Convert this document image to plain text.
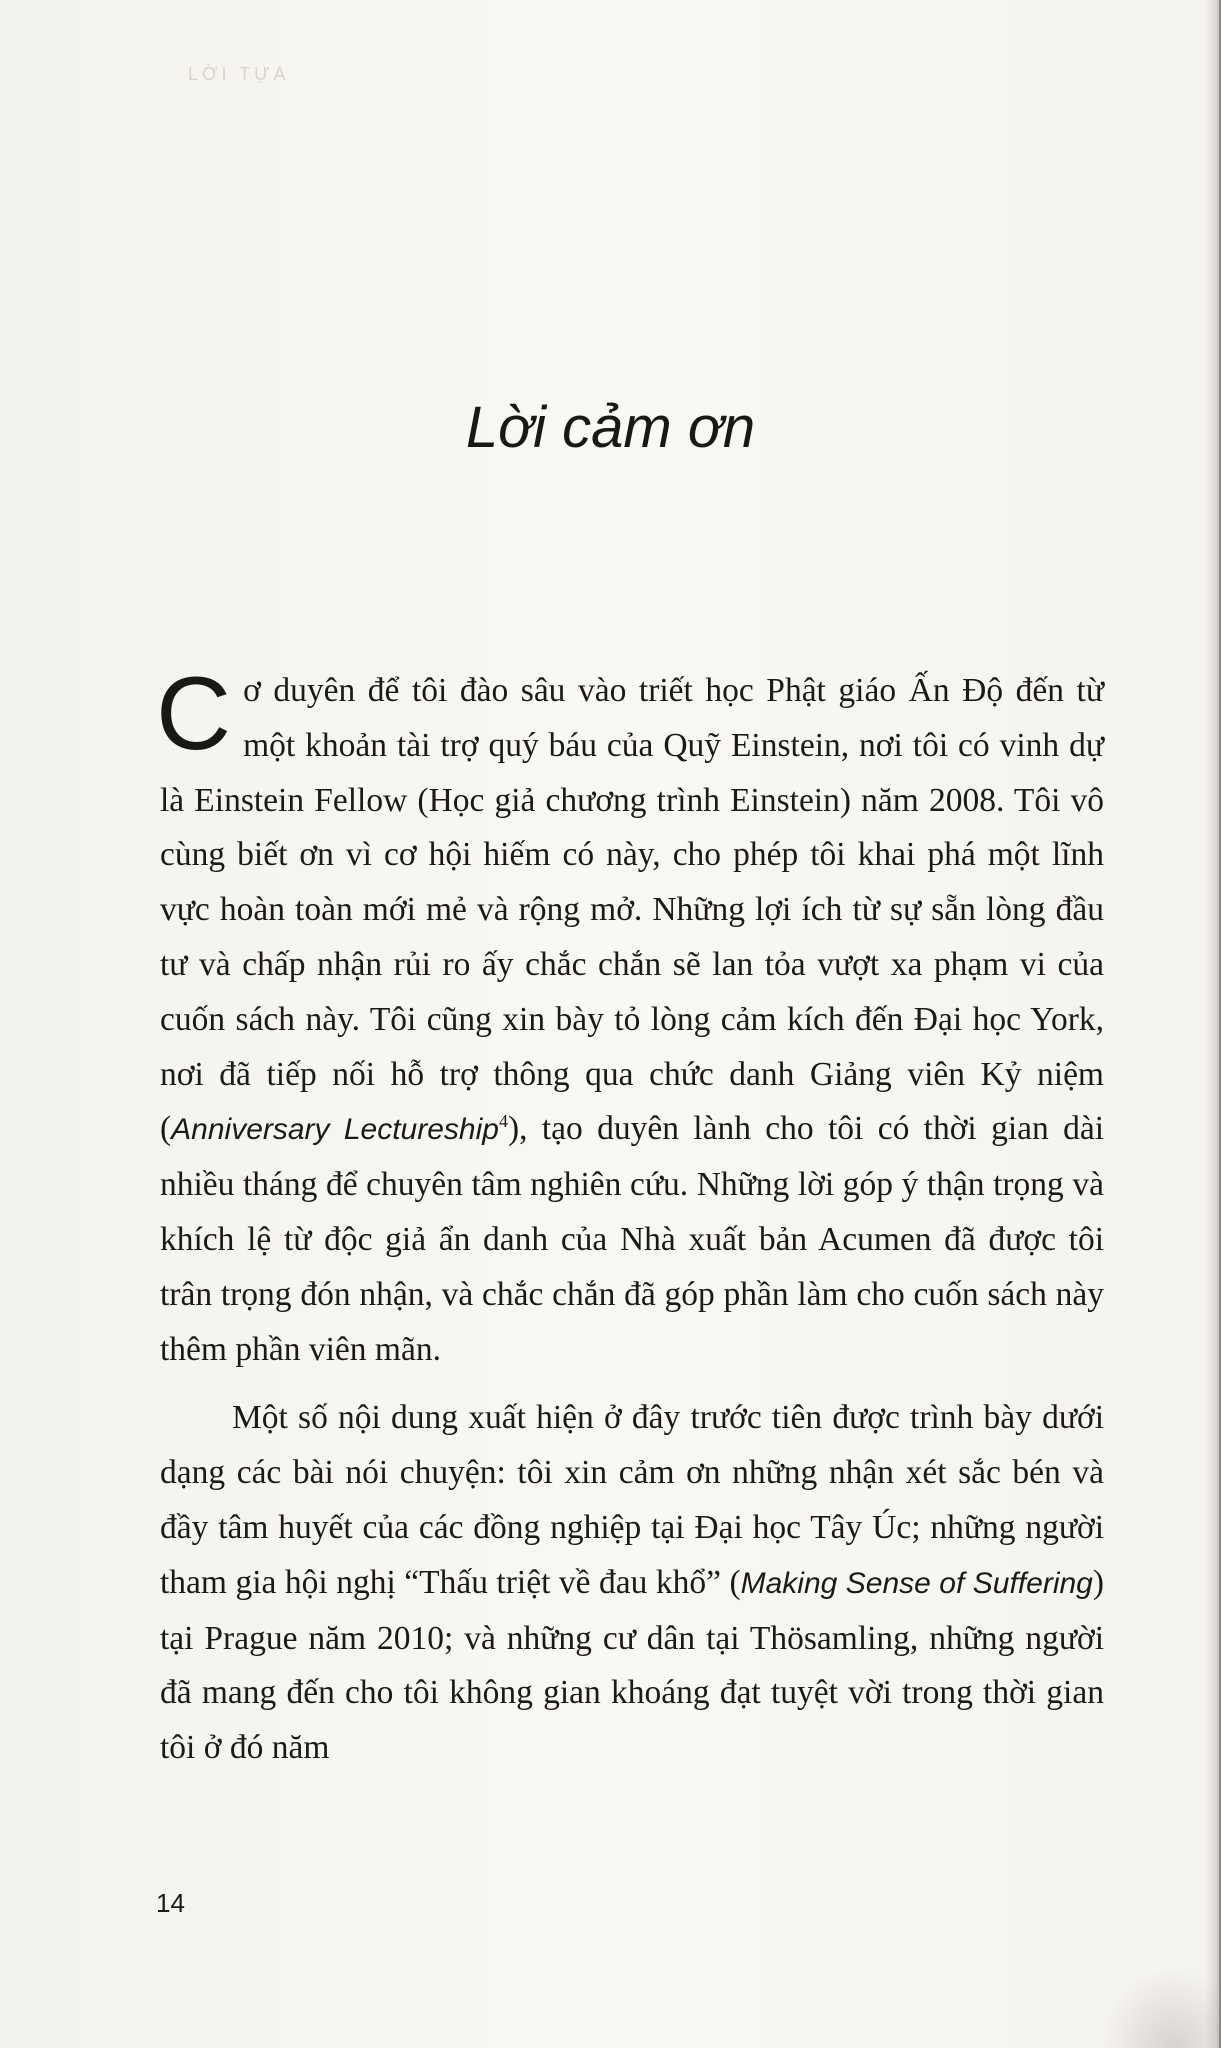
LỜI TỰA
Lời cảm ơn

Cơ duyên để tôi đào sâu vào triết học Phật giáo Ấn Độ đến từ một khoản tài trợ quý báu của Quỹ Einstein, nơi tôi có vinh dự là Einstein Fellow (Học giả chương trình Einstein) năm 2008. Tôi vô cùng biết ơn vì cơ hội hiếm có này, cho phép tôi khai phá một lĩnh vực hoàn toàn mới mẻ và rộng mở. Những lợi ích từ sự sẵn lòng đầu tư và chấp nhận rủi ro ấy chắc chắn sẽ lan tỏa vượt xa phạm vi của cuốn sách này. Tôi cũng xin bày tỏ lòng cảm kích đến Đại học York, nơi đã tiếp nối hỗ trợ thông qua chức danh Giảng viên Kỷ niệm (Anniversary Lectureship$^4$), tạo duyên lành cho tôi có thời gian dài nhiều tháng để chuyên tâm nghiên cứu. Những lời góp ý thận trọng và khích lệ từ độc giả ẩn danh của Nhà xuất bản Acumen đã được tôi trân trọng đón nhận, và chắc chắn đã góp phần làm cho cuốn sách này thêm phần viên mãn.

Một số nội dung xuất hiện ở đây trước tiên được trình bày dưới dạng các bài nói chuyện: tôi xin cảm ơn những nhận xét sắc bén và đầy tâm huyết của các đồng nghiệp tại Đại học Tây Úc; những người tham gia hội nghị “Thấu triệt về đau khổ” (Making Sense of Suffering) tại Prague năm 2010; và những cư dân tại Thösamling, những người đã mang đến cho tôi không gian khoáng đạt tuyệt vời trong thời gian tôi ở đó năm

14
